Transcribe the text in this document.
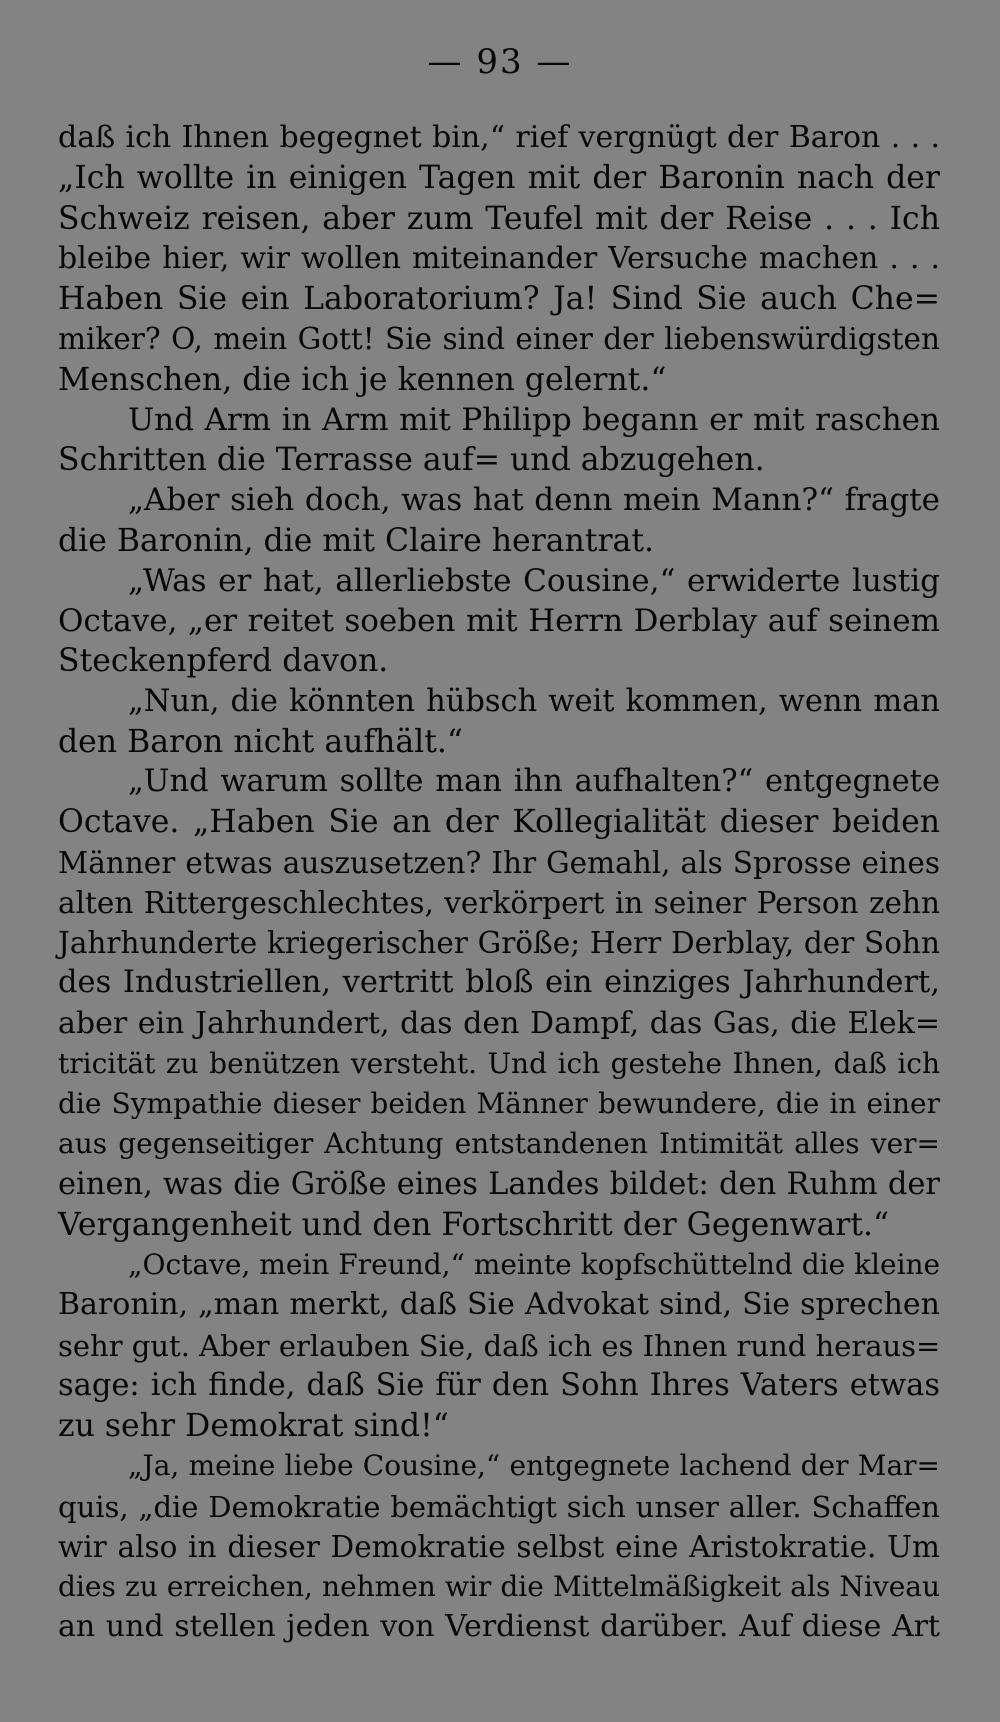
— 93 —
daß ich Ihnen begegnet bin,“ rief vergnügt der Baron . . .
„Ich wollte in einigen Tagen mit der Baronin nach der
Schweiz reisen, aber zum Teufel mit der Reise . . . Ich
bleibe hier, wir wollen miteinander Versuche machen . . .
Haben Sie ein Laboratorium? Ja! Sind Sie auch Che=
miker? O, mein Gott! Sie sind einer der liebenswürdigsten
Menschen, die ich je kennen gelernt.“
Und Arm in Arm mit Philipp begann er mit raschen
Schritten die Terrasse auf= und abzugehen.
„Aber sieh doch, was hat denn mein Mann?“ fragte
die Baronin, die mit Claire herantrat.
„Was er hat, allerliebste Cousine,“ erwiderte lustig
Octave, „er reitet soeben mit Herrn Derblay auf seinem
Steckenpferd davon.
„Nun, die könnten hübsch weit kommen, wenn man
den Baron nicht aufhält.“
„Und warum sollte man ihn aufhalten?“ entgegnete
Octave. „Haben Sie an der Kollegialität dieser beiden
Männer etwas auszusetzen? Ihr Gemahl, als Sprosse eines
alten Rittergeschlechtes, verkörpert in seiner Person zehn
Jahrhunderte kriegerischer Größe; Herr Derblay, der Sohn
des Industriellen, vertritt bloß ein einziges Jahrhundert,
aber ein Jahrhundert, das den Dampf, das Gas, die Elek=
tricität zu benützen versteht. Und ich gestehe Ihnen, daß ich
die Sympathie dieser beiden Männer bewundere, die in einer
aus gegenseitiger Achtung entstandenen Intimität alles ver=
einen, was die Größe eines Landes bildet: den Ruhm der
Vergangenheit und den Fortschritt der Gegenwart.“
„Octave, mein Freund,“ meinte kopfschüttelnd die kleine
Baronin, „man merkt, daß Sie Advokat sind, Sie sprechen
sehr gut. Aber erlauben Sie, daß ich es Ihnen rund heraus=
sage: ich finde, daß Sie für den Sohn Ihres Vaters etwas
zu sehr Demokrat sind!“
„Ja, meine liebe Cousine,“ entgegnete lachend der Mar=
quis, „die Demokratie bemächtigt sich unser aller. Schaffen
wir also in dieser Demokratie selbst eine Aristokratie. Um
dies zu erreichen, nehmen wir die Mittelmäßigkeit als Niveau
an und stellen jeden von Verdienst darüber. Auf diese Art
